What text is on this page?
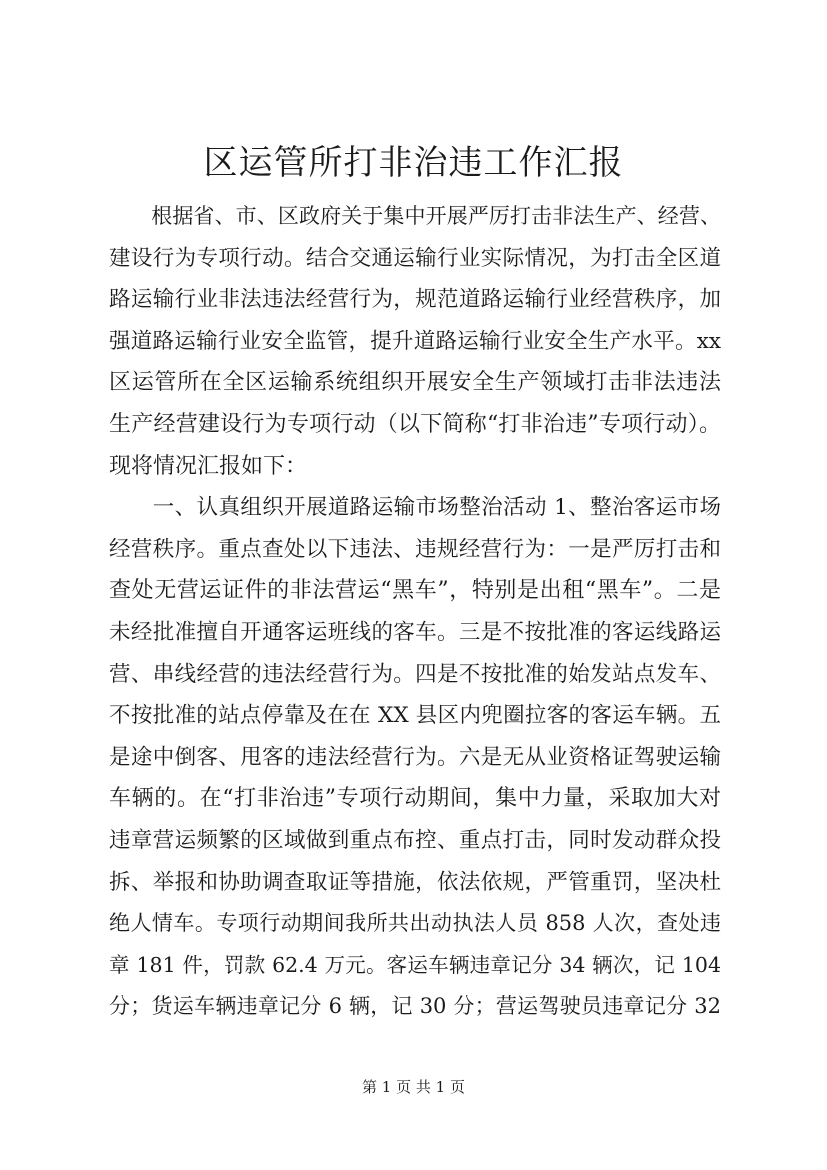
区运管所打非治违工作汇报
　　根据省、市、区政府关于集中开展严厉打击非法生产、经营、
建设行为专项行动。结合交通运输行业实际情况，为打击全区道
路运输行业非法违法经营行为，规范道路运输行业经营秩序，加
强道路运输行业安全监管，提升道路运输行业安全生产水平。xx
区运管所在全区运输系统组织开展安全生产领域打击非法违法
生产经营建设行为专项行动（以下简称“打非治违”专项行动）。
现将情况汇报如下：
　　一、认真组织开展道路运输市场整治活动 1、整治客运市场
经营秩序。重点查处以下违法、违规经营行为：一是严厉打击和
查处无营运证件的非法营运“黑车”，特别是出租“黑车”。二是
未经批准擅自开通客运班线的客车。三是不按批准的客运线路运
营、串线经营的违法经营行为。四是不按批准的始发站点发车、
不按批准的站点停靠及在在 XX 县区内兜圈拉客的客运车辆。五
是途中倒客、甩客的违法经营行为。六是无从业资格证驾驶运输
车辆的。在“打非治违”专项行动期间，集中力量，采取加大对
违章营运频繁的区域做到重点布控、重点打击，同时发动群众投
拆、举报和协助调查取证等措施，依法依规，严管重罚，坚决杜
绝人情车。专项行动期间我所共出动执法人员 858 人次，查处违
章 181 件，罚款 62.4 万元。客运车辆违章记分 34 辆次，记 104
分；货运车辆违章记分 6 辆，记 30 分；营运驾驶员违章记分 32
第 1 页 共 1 页
